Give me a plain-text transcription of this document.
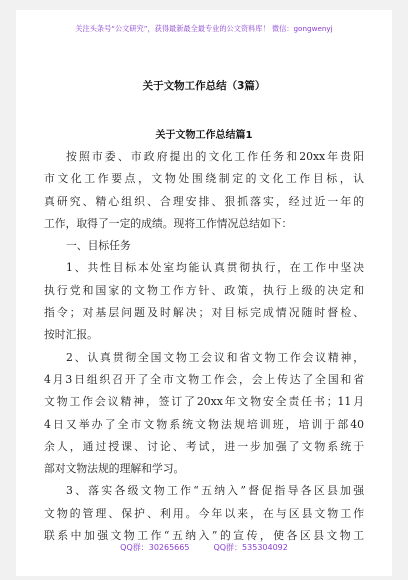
关注头条号“公文研究”，获得最新最全最专业的公文资料库！ 微信：gongwenyj
关于文物工作总结（3篇）
关于文物工作总结篇1
按照市委、市政府提出的文化工作任务和20xx年贵阳
市文化工作要点，文物处围绕制定的文化工作目标，认
真研究、精心组织、合理安排、狠抓落实，经过近一年的
工作，取得了一定的成绩。现将工作情况总结如下：
一、目标任务
1、共性目标本处室均能认真贯彻执行，在工作中坚决
执行党和国家的文物工作方针、政策，执行上级的决定和
指令；对基层问题及时解决；对目标完成情况随时督检、
按时汇报。
2、认真贯彻全国文物工会议和省文物工作会议精神，
4月3日组织召开了全市文物工作会，会上传达了全国和省
文物工作会议精神，签订了20xx年文物安全责任书；11月
4日又举办了全市文物系统文物法规培训班，培训于部40
余人，通过授课、讨论、考试，进一步加强了文物系统于
部对文物法规的理解和学习。
3、落实各级文物工作“五纳入”督促指导各区县加强
文物的管理、保护、利用。今年以来，在与区县文物工作
联系中加强文物工作“五纳入”的宣传，使各区县文物工
QQ群：30265665　　　QQ群：535304092
